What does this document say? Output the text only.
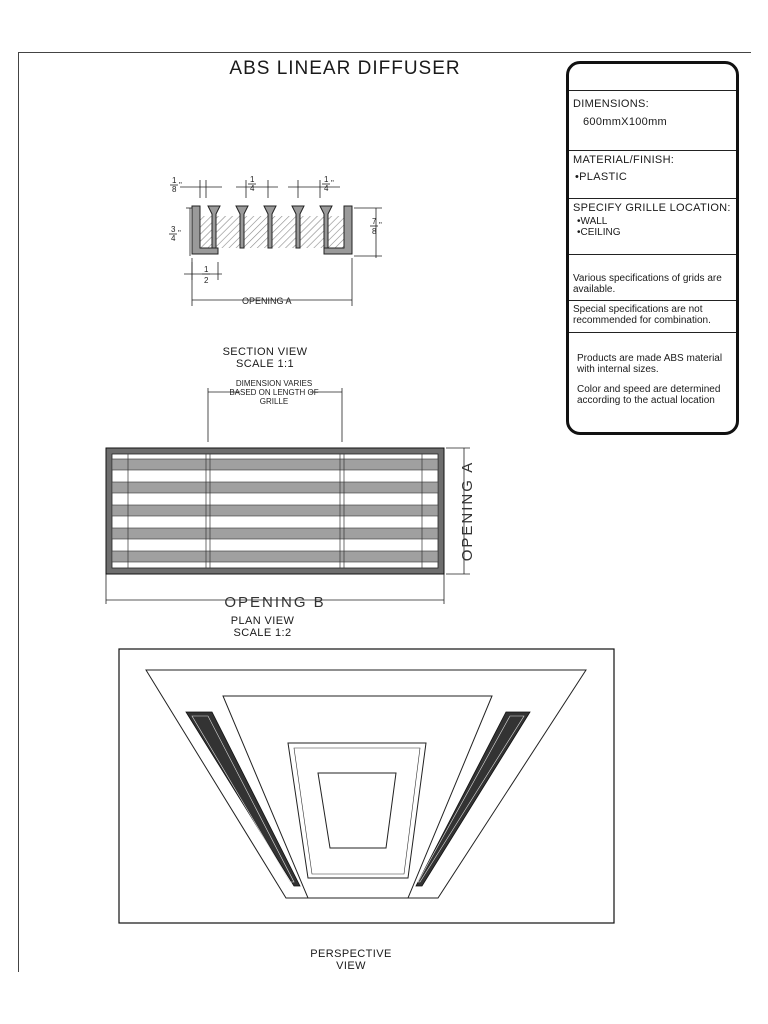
ABS LINEAR DIFFUSER
DIMENSIONS:
600mmX100mm
MATERIAL/FINISH:
•PLASTIC
SPECIFY GRILLE LOCATION:
•WALL
•CEILING
Various specifications of grids are available.
Special specifications are not recommended for combination.
Products are made ABS material with internal sizes.
Color and speed are determined according to the actual location
1
8 "
1
4
1
4
"
3
4
"
7
8
"
1
2
OPENING A
SECTION VIEW
SCALE 1:1
DIMENSION VARIES
BASED ON LENGTH OF
GRILLE
OPENING B
OPENING A
PLAN VIEW
SCALE 1:2
PERSPECTIVE
VIEW
